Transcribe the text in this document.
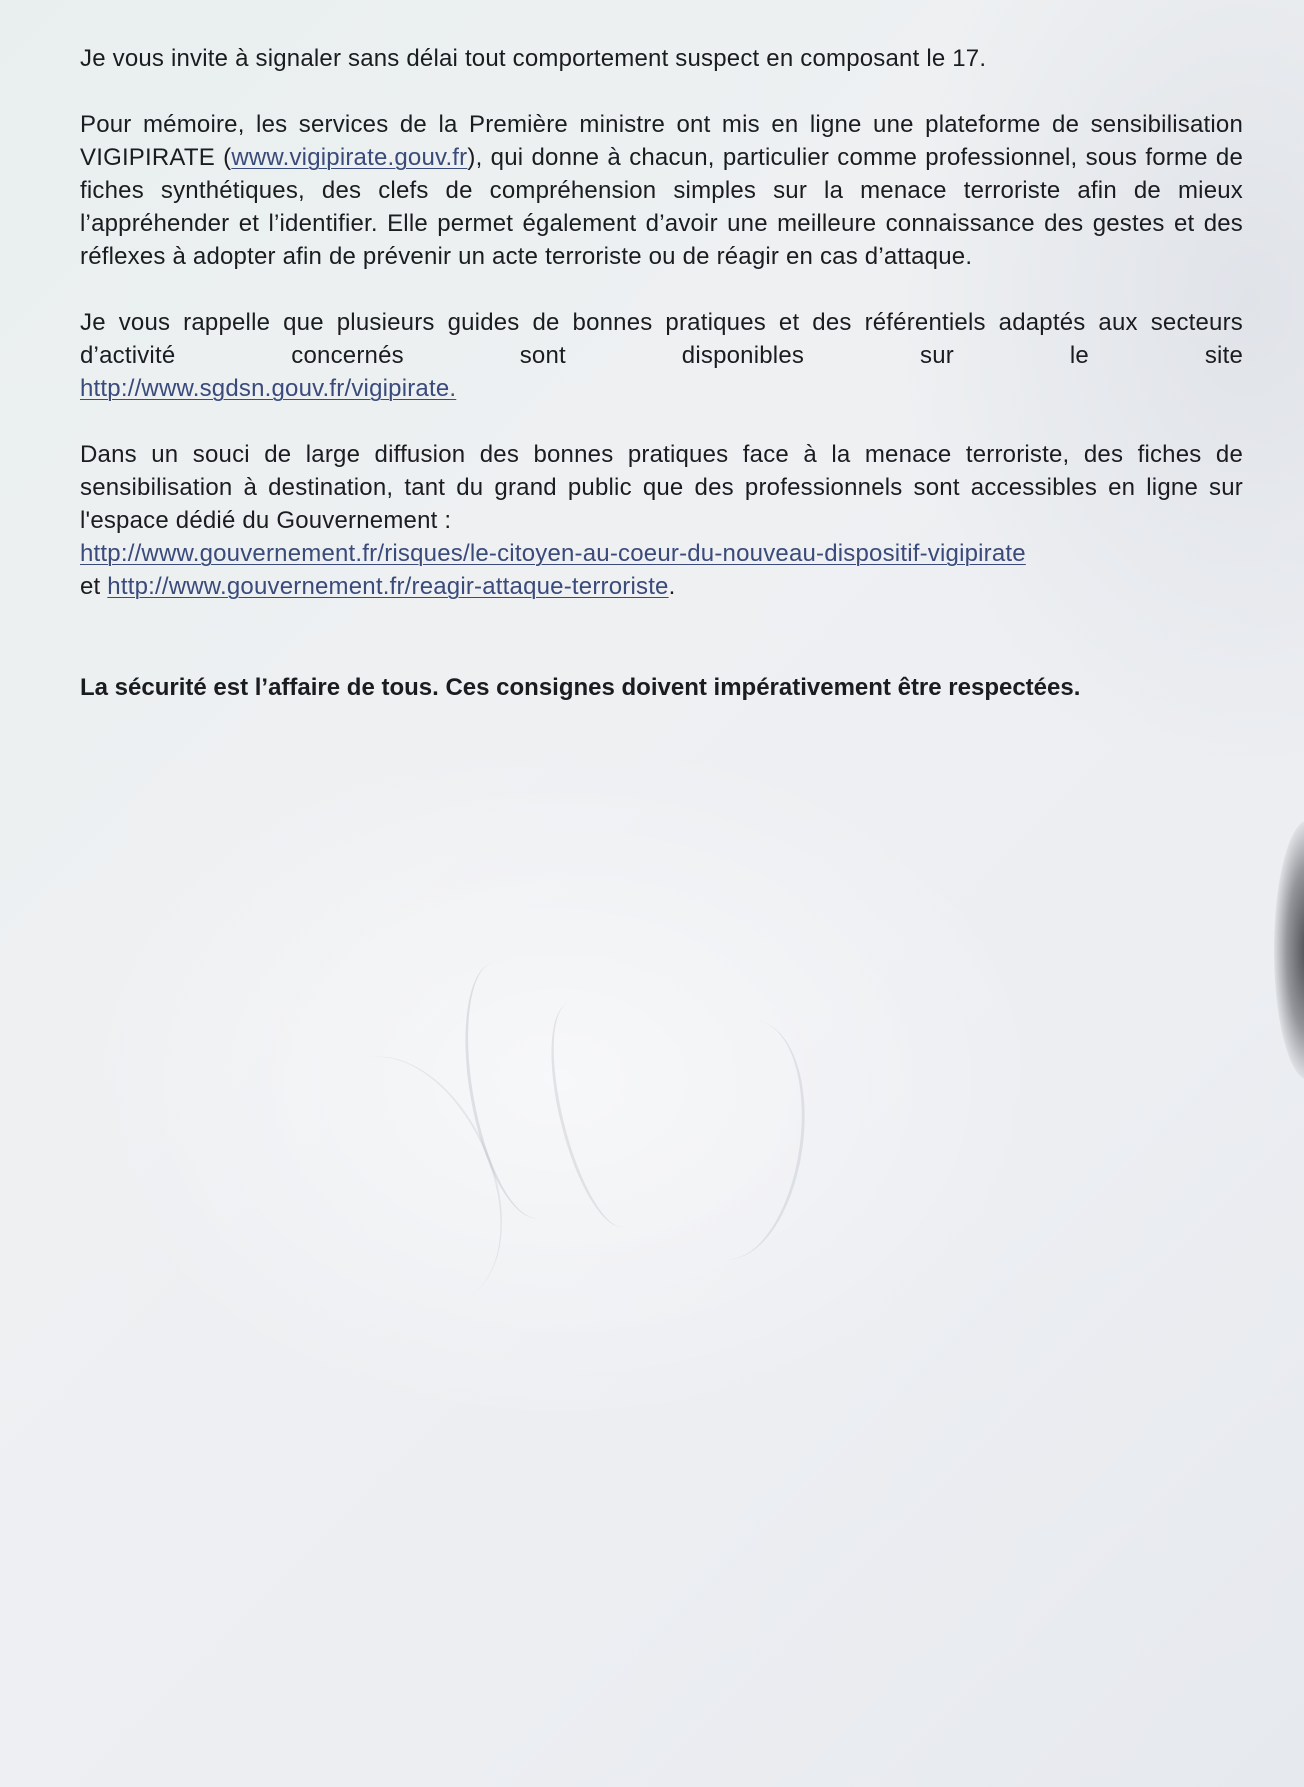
Je vous invite à signaler sans délai tout comportement suspect en composant le 17.

Pour mémoire, les services de la Première ministre ont mis en ligne une plateforme de sensibilisation VIGIPIRATE (www.vigipirate.gouv.fr), qui donne à chacun, particulier comme professionnel, sous forme de fiches synthétiques, des clefs de compréhension simples sur la menace terroriste afin de mieux l’appréhender et l’identifier. Elle permet également d’avoir une meilleure connaissance des gestes et des réflexes à adopter afin de prévenir un acte terroriste ou de réagir en cas d’attaque.

Je vous rappelle que plusieurs guides de bonnes pratiques et des référentiels adaptés aux secteurs d’activité concernés sont disponibles sur le site
http://www.sgdsn.gouv.fr/vigipirate.
Dans un souci de large diffusion des bonnes pratiques face à la menace terroriste, des fiches de sensibilisation à destination, tant du grand public que des professionnels sont accessibles en ligne sur l'espace dédié du Gouvernement :
http://www.gouvernement.fr/risques/le-citoyen-au-coeur-du-nouveau-dispositif-vigipirate
et http://www.gouvernement.fr/reagir-attaque-terroriste.
La sécurité est l’affaire de tous. Ces consignes doivent impérativement être respectées.
